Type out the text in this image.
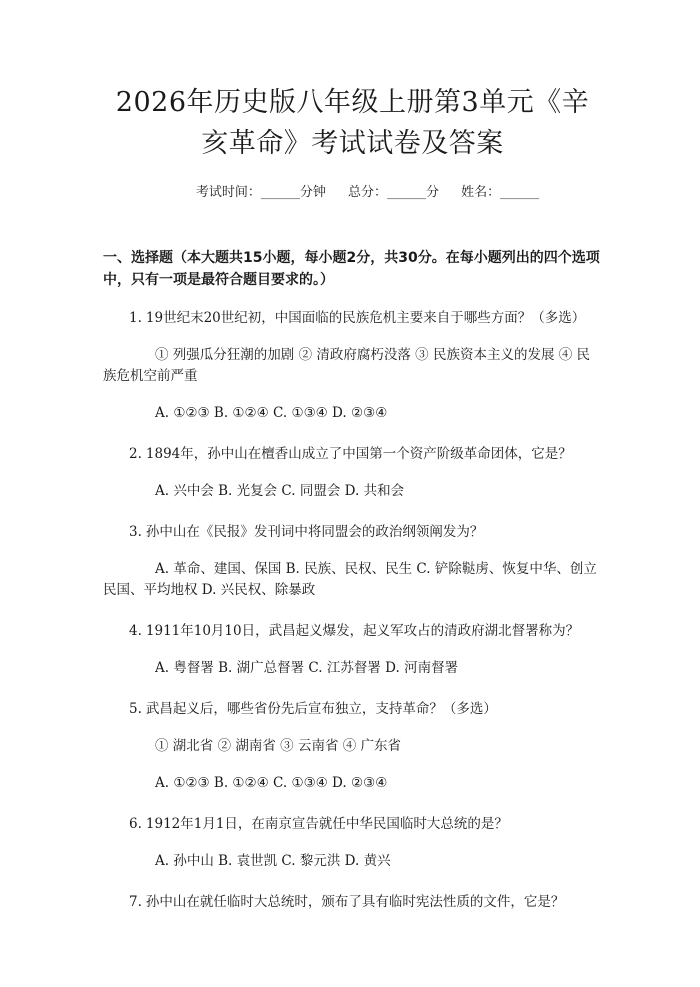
2026年历史版八年级上册第3单元《辛亥革命》考试试卷及答案
考试时间：______分钟 总分：______分 姓名：______
一、选择题（本大题共15小题，每小题2分，共30分。在每小题列出的四个选项中，只有一项是最符合题目要求的。）

1. 19世纪末20世纪初，中国面临的民族危机主要来自于哪些方面？（多选）

① 列强瓜分狂潮的加剧 ② 清政府腐朽没落 ③ 民族资本主义的发展 ④ 民族危机空前严重

A. ①②③ B. ①②④ C. ①③④ D. ②③④

2. 1894年，孙中山在檀香山成立了中国第一个资产阶级革命团体，它是？

A. 兴中会 B. 光复会 C. 同盟会 D. 共和会

3. 孙中山在《民报》发刊词中将同盟会的政治纲领阐发为？

A. 革命、建国、保国 B. 民族、民权、民生 C. 铲除鞑虏、恢复中华、创立民国、平均地权 D. 兴民权、除暴政

4. 1911年10月10日，武昌起义爆发，起义军攻占的清政府湖北督署称为？

A. 粤督署 B. 湖广总督署 C. 江苏督署 D. 河南督署

5. 武昌起义后，哪些省份先后宣布独立，支持革命？（多选）

① 湖北省 ② 湖南省 ③ 云南省 ④ 广东省

A. ①②③ B. ①②④ C. ①③④ D. ②③④

6. 1912年1月1日，在南京宣告就任中华民国临时大总统的是？

A. 孙中山 B. 袁世凯 C. 黎元洪 D. 黄兴

7. 孙中山在就任临时大总统时，颁布了具有临时宪法性质的文件，它是？
